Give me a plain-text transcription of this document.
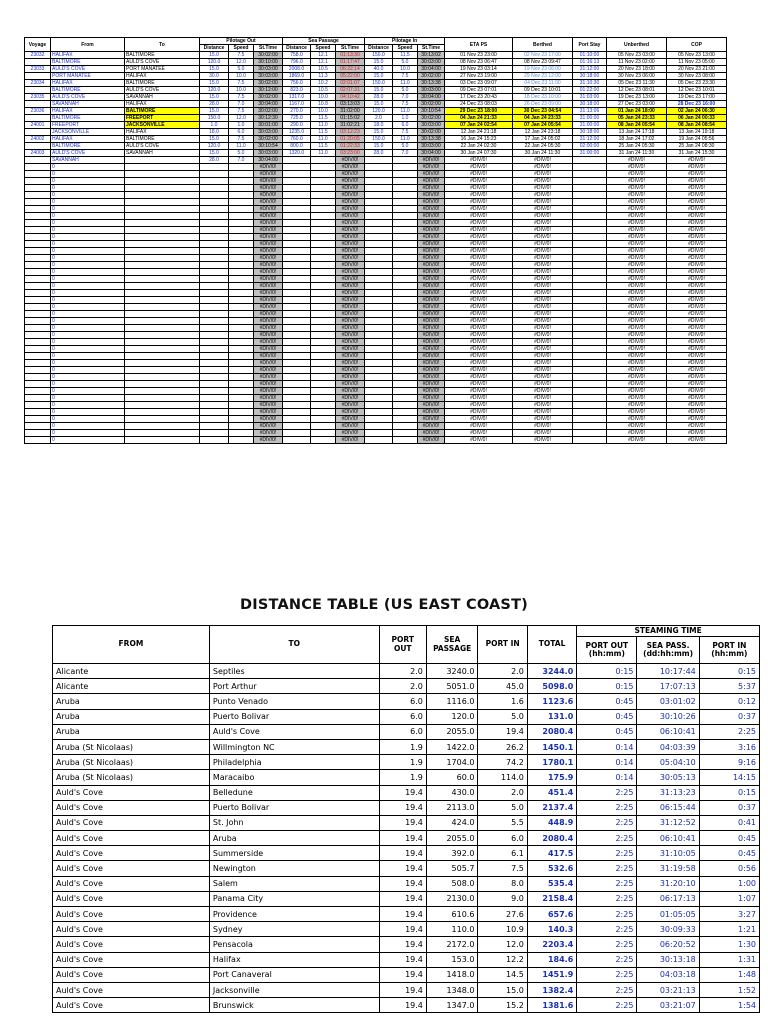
Voyage	From	To	Pilotage Out			Sea Passage			Pilotage In			ETA PS	Berthed	Port Stay	Unberthed	COP
			Distance	Speed	St.Time	Distance	Speed	St.Time	Distance	Speed	St.Time					
23032	HALIFAX	BALTIMORE	15.0	7.5	30:02:00	758.0	12.1	01:13:30	150.0	11.5	30:13:02	01 Nov 23 23:00	02 Nov 23 17:00	01:10:00	05 Nov 23 03:00	05 Nov 23 13:00
	BALTIMORE	AULD'S COVE	120.0	12.0	30:10:00	796.0	12.1	01:17:47	15.0	5.0	30:03:00	08 Nov 23 06:47	08 Nov 23 09:47	01:16:13	11 Nov 23 02:00	11 Nov 23 05:00
23033	AULD'S COVE	PORT MANATEE	15.0	5.0	30:03:00	2008.0	10.5	06:22:14	40.0	10.0	30:04:00	19 Nov 23 03:14	19 Nov 23 06:00	31:12:00	20 Nov 23 18:00	20 Nov 23 21:00
	PORT MANATEE	HALIFAX	30.0	10.0	30:03:00	1869.0	11.3	05:22:00	15.0	7.5	30:02:00	27 Nov 23 19:00	29 Nov 23 12:00	30:18:00	30 Nov 23 06:00	30 Nov 23 08:00
23034	HALIFAX	BALTIMORE	15.0	7.5	30:02:00	756.0	10.2	02:01:07	150.0	11.0	30:13:38	03 Dec 23 09:07	04 Dec 23 11:00	31:10:30	05 Dec 23 11:30	05 Dec 23 23:30
	BALTIMORE	AULD'S COVE	120.0	10.0	30:12:00	823.0	10.5	02:07:31	15.0	5.0	30:03:00	09 Dec 23 07:01	09 Dec 23 10:01	01:22:00	12 Dec 23 08:01	12 Dec 23 10:01
23035	AULD'S COVE	SAVANNAH	15.0	7.5	30:02:00	1317.0	10.0	04:10:42	28.0	7.0	30:04:00	17 Dec 23 20:43	18 Dec 23 10:00	31:03:00	19 Dec 23 13:00	19 Dec 23 17:00
	SAVANNAH	HALIFAX	28.0	7.0	30:04:00	1167.0	10.8	03:13:03	15.0	7.5	30:02:00	24 Dec 23 08:03	26 Dec 23 09:00	30:18:00	27 Dec 23 03:00	28 Dec 23 16:00
23036	HALIFAX	BALTIMORE	15.0	7.5	30:02:00	270.0	10.0	31:02:00	120.0	11.0	30:10:54	29 Dec 23 18:00	30 Dec 23 04:54	31:13:06	01 Jan 24 18:00	02 Jan 24 06:30
	BALTIMORE	FREEPORT	150.0	12.0	30:12:30	725.0	11.5	01:15:02	2.0	1.0	30:02:00	04 Jan 24 21:33	04 Jan 24 23:33	31:00:00	05 Jan 24 23:33	06 Jan 24 00:33
24001	FREEPORT	JACKSONVILLE	1.0	1.0	30:01:00	290.0	11.0	31:02:21	18.0	6.0	30:03:00	07 Jan 24 02:54	07 Jan 24 05:54	31:00:00	08 Jan 24 05:54	08 Jan 24 08:54
	JACKSONVILLE	HALIFAX	18.0	6.0	30:03:00	1235.0	11.5	03:12:23	15.0	7.5	30:02:00	12 Jan 24 21:18	12 Jan 24 23:18	30:18:00	13 Jan 24 17:18	13 Jan 24 19:18
24002	HALIFAX	BALTIMORE	15.0	7.5	30:02:00	760.0	11.0	01:20:05	150.0	11.0	30:13:38	16 Jan 24 15:23	17 Jan 24 05:02	31:12:00	18 Jan 24 17:02	19 Jan 24 05:56
	BALTIMORE	AULD'S COVE	120.0	11.0	30:10:54	800.0	11.5	01:22:33	15.0	5.0	30:03:00	22 Jan 24 02:30	22 Jan 24 05:30	02:00:00	25 Jan 24 05:30	25 Jan 24 08:30
24003	AULD'S COVE	SAVANNAH	15.0	5.0	30:03:00	1320.0	11.0	03:23:00	28.0	7.0	30:04:00	30 Jan 24 07:30	30 Jan 24 11:30	31:00:00	31 Jan 24 11:30	31 Jan 24 15:30
	SAVANNAH		28.0	7.0	30:04:00			#DIV/0!			#DIV/0!	#DIV/0!	#DIV/0!		#DIV/0!	#DIV/0!
	0				#DIV/0!			#DIV/0!			#DIV/0!	#DIV/0!	#DIV/0!		#DIV/0!	#DIV/0!
	0				#DIV/0!			#DIV/0!			#DIV/0!	#DIV/0!	#DIV/0!		#DIV/0!	#DIV/0!
	0				#DIV/0!			#DIV/0!			#DIV/0!	#DIV/0!	#DIV/0!		#DIV/0!	#DIV/0!
	0				#DIV/0!			#DIV/0!			#DIV/0!	#DIV/0!	#DIV/0!		#DIV/0!	#DIV/0!
	0				#DIV/0!			#DIV/0!			#DIV/0!	#DIV/0!	#DIV/0!		#DIV/0!	#DIV/0!
	0				#DIV/0!			#DIV/0!			#DIV/0!	#DIV/0!	#DIV/0!		#DIV/0!	#DIV/0!
	0				#DIV/0!			#DIV/0!			#DIV/0!	#DIV/0!	#DIV/0!		#DIV/0!	#DIV/0!
	0				#DIV/0!			#DIV/0!			#DIV/0!	#DIV/0!	#DIV/0!		#DIV/0!	#DIV/0!
	0				#DIV/0!			#DIV/0!			#DIV/0!	#DIV/0!	#DIV/0!		#DIV/0!	#DIV/0!
	0				#DIV/0!			#DIV/0!			#DIV/0!	#DIV/0!	#DIV/0!		#DIV/0!	#DIV/0!
	0				#DIV/0!			#DIV/0!			#DIV/0!	#DIV/0!	#DIV/0!		#DIV/0!	#DIV/0!
	0				#DIV/0!			#DIV/0!			#DIV/0!	#DIV/0!	#DIV/0!		#DIV/0!	#DIV/0!
	0				#DIV/0!			#DIV/0!			#DIV/0!	#DIV/0!	#DIV/0!		#DIV/0!	#DIV/0!
	0				#DIV/0!			#DIV/0!			#DIV/0!	#DIV/0!	#DIV/0!		#DIV/0!	#DIV/0!
	0				#DIV/0!			#DIV/0!			#DIV/0!	#DIV/0!	#DIV/0!		#DIV/0!	#DIV/0!
	0				#DIV/0!			#DIV/0!			#DIV/0!	#DIV/0!	#DIV/0!		#DIV/0!	#DIV/0!
	0				#DIV/0!			#DIV/0!			#DIV/0!	#DIV/0!	#DIV/0!		#DIV/0!	#DIV/0!
	0				#DIV/0!			#DIV/0!			#DIV/0!	#DIV/0!	#DIV/0!		#DIV/0!	#DIV/0!
	0				#DIV/0!			#DIV/0!			#DIV/0!	#DIV/0!	#DIV/0!		#DIV/0!	#DIV/0!
	0				#DIV/0!			#DIV/0!			#DIV/0!	#DIV/0!	#DIV/0!		#DIV/0!	#DIV/0!
	0				#DIV/0!			#DIV/0!			#DIV/0!	#DIV/0!	#DIV/0!		#DIV/0!	#DIV/0!
	0				#DIV/0!			#DIV/0!			#DIV/0!	#DIV/0!	#DIV/0!		#DIV/0!	#DIV/0!
	0				#DIV/0!			#DIV/0!			#DIV/0!	#DIV/0!	#DIV/0!		#DIV/0!	#DIV/0!
	0				#DIV/0!			#DIV/0!			#DIV/0!	#DIV/0!	#DIV/0!		#DIV/0!	#DIV/0!
	0				#DIV/0!			#DIV/0!			#DIV/0!	#DIV/0!	#DIV/0!		#DIV/0!	#DIV/0!
	0				#DIV/0!			#DIV/0!			#DIV/0!	#DIV/0!	#DIV/0!		#DIV/0!	#DIV/0!
	0				#DIV/0!			#DIV/0!			#DIV/0!	#DIV/0!	#DIV/0!		#DIV/0!	#DIV/0!
	0				#DIV/0!			#DIV/0!			#DIV/0!	#DIV/0!	#DIV/0!		#DIV/0!	#DIV/0!
	0				#DIV/0!			#DIV/0!			#DIV/0!	#DIV/0!	#DIV/0!		#DIV/0!	#DIV/0!
	0				#DIV/0!			#DIV/0!			#DIV/0!	#DIV/0!	#DIV/0!		#DIV/0!	#DIV/0!
	0				#DIV/0!			#DIV/0!			#DIV/0!	#DIV/0!	#DIV/0!		#DIV/0!	#DIV/0!
	0				#DIV/0!			#DIV/0!			#DIV/0!	#DIV/0!	#DIV/0!		#DIV/0!	#DIV/0!
	0				#DIV/0!			#DIV/0!			#DIV/0!	#DIV/0!	#DIV/0!		#DIV/0!	#DIV/0!
	0				#DIV/0!			#DIV/0!			#DIV/0!	#DIV/0!	#DIV/0!		#DIV/0!	#DIV/0!
	0				#DIV/0!			#DIV/0!			#DIV/0!	#DIV/0!	#DIV/0!		#DIV/0!	#DIV/0!
	0				#DIV/0!			#DIV/0!			#DIV/0!	#DIV/0!	#DIV/0!		#DIV/0!	#DIV/0!
	0				#DIV/0!			#DIV/0!			#DIV/0!	#DIV/0!	#DIV/0!		#DIV/0!	#DIV/0!
	0				#DIV/0!			#DIV/0!			#DIV/0!	#DIV/0!	#DIV/0!		#DIV/0!	#DIV/0!
	0				#DIV/0!			#DIV/0!			#DIV/0!	#DIV/0!	#DIV/0!		#DIV/0!	#DIV/0!
	0				#DIV/0!			#DIV/0!			#DIV/0!	#DIV/0!	#DIV/0!		#DIV/0!	#DIV/0!
DISTANCE TABLE (US EAST COAST)
FROM	TO	PORT OUT	SEA PASSAGE	PORT IN	TOTAL	STEAMING TIME		
						PORT OUT (hh:mm)	SEA PASS. (dd:hh:mm)	PORT IN (hh:mm)
Alicante	Septiles	2.0	3240.0	2.0	3244.0	0:15	10:17:44	0:15
Alicante	Port Arthur	2.0	5051.0	45.0	5098.0	0:15	17:07:13	5:37
Aruba	Punto Venado	6.0	1116.0	1.6	1123.6	0:45	03:01:02	0:12
Aruba	Puerto Bolivar	6.0	120.0	5.0	131.0	0:45	30:10:26	0:37
Aruba	Auld's Cove	6.0	2055.0	19.4	2080.4	0:45	06:10:41	2:25
Aruba (St Nicolaas)	Willmington NC	1.9	1422.0	26.2	1450.1	0:14	04:03:39	3:16
Aruba (St Nicolaas)	Philadelphia	1.9	1704.0	74.2	1780.1	0:14	05:04:10	9:16
Aruba (St Nicolaas)	Maracaibo	1.9	60.0	114.0	175.9	0:14	30:05:13	14:15
Auld's Cove	Belledune	19.4	430.0	2.0	451.4	2:25	31:13:23	0:15
Auld's Cove	Puerto Bolivar	19.4	2113.0	5.0	2137.4	2:25	06:15:44	0:37
Auld's Cove	St. John	19.4	424.0	5.5	448.9	2:25	31:12:52	0:41
Auld's Cove	Aruba	19.4	2055.0	6.0	2080.4	2:25	06:10:41	0:45
Auld's Cove	Summerside	19.4	392.0	6.1	417.5	2:25	31:10:05	0:45
Auld's Cove	Newington	19.4	505.7	7.5	532.6	2:25	31:19:58	0:56
Auld's Cove	Salem	19.4	508.0	8.0	535.4	2:25	31:20:10	1:00
Auld's Cove	Panama City	19.4	2130.0	9.0	2158.4	2:25	06:17:13	1:07
Auld's Cove	Providence	19.4	610.6	27.6	657.6	2:25	01:05:05	3:27
Auld's Cove	Sydney	19.4	110.0	10.9	140.3	2:25	30:09:33	1:21
Auld's Cove	Pensacola	19.4	2172.0	12.0	2203.4	2:25	06:20:52	1:30
Auld's Cove	Halifax	19.4	153.0	12.2	184.6	2:25	30:13:18	1:31
Auld's Cove	Port Canaveral	19.4	1418.0	14.5	1451.9	2:25	04:03:18	1:48
Auld's Cove	Jacksonville	19.4	1348.0	15.0	1382.4	2:25	03:21:13	1:52
Auld's Cove	Brunswick	19.4	1347.0	15.2	1381.6	2:25	03:21:07	1:54
